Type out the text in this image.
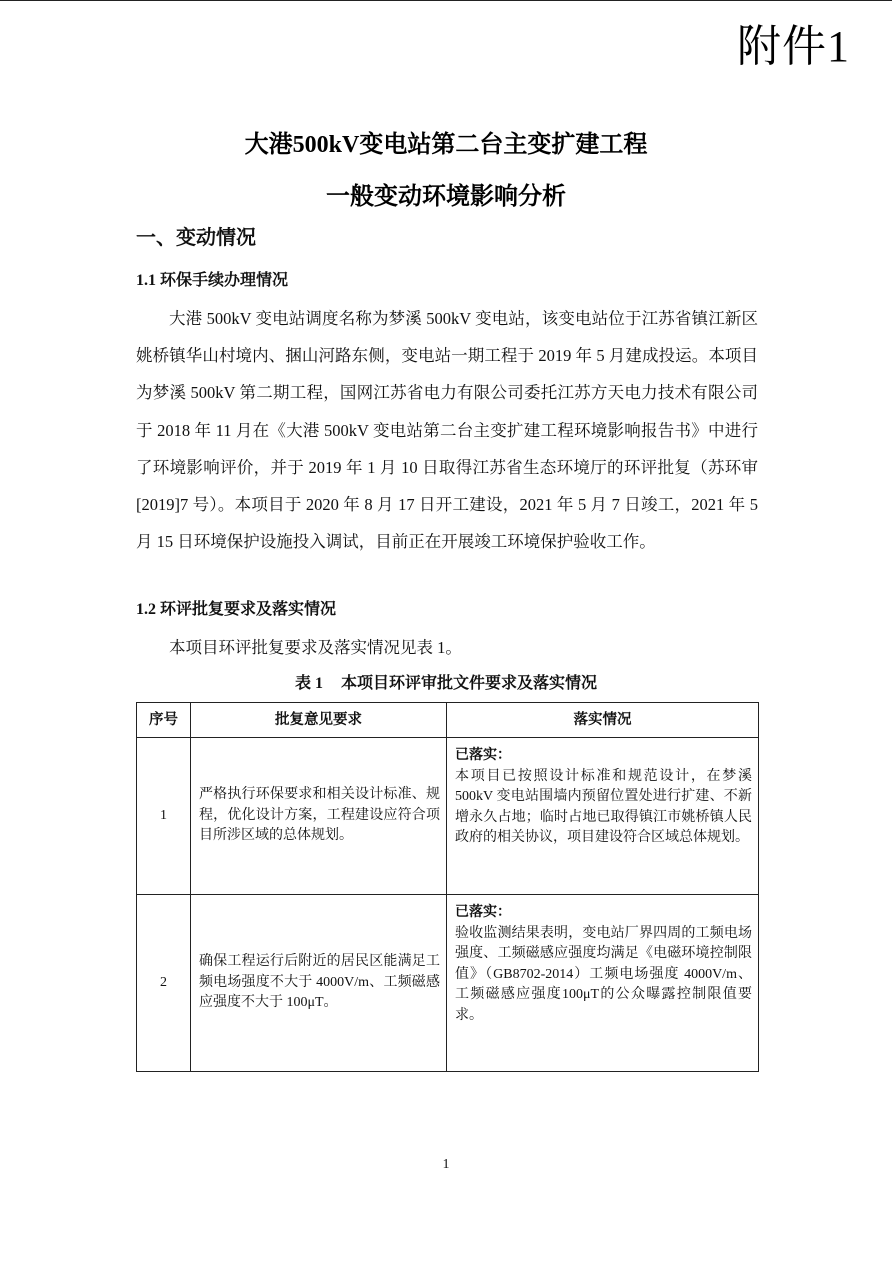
附件1
大港500kV变电站第二台主变扩建工程
一般变动环境影响分析
一、变动情况
1.1 环保手续办理情况
大港 500kV 变电站调度名称为梦溪 500kV 变电站，该变电站位于江苏省镇江新区姚桥镇华山村境内、捆山河路东侧，变电站一期工程于 2019 年 5 月建成投运。本项目为梦溪 500kV 第二期工程，国网江苏省电力有限公司委托江苏方天电力技术有限公司于 2018 年 11 月在《大港 500kV 变电站第二台主变扩建工程环境影响报告书》中进行了环境影响评价，并于 2019 年 1 月 10 日取得江苏省生态环境厅的环评批复（苏环审[2019]7 号）。本项目于 2020 年 8 月 17 日开工建设，2021 年 5 月 7 日竣工，2021 年 5 月 15 日环境保护设施投入调试，目前正在开展竣工环境保护验收工作。
1.2 环评批复要求及落实情况
本项目环评批复要求及落实情况见表 1。
表 1 本项目环评审批文件要求及落实情况
序号	批复意见要求	落实情况
1	严格执行环保要求和相关设计标准、规程，优化设计方案，工程建设应符合项目所涉区域的总体规划。	已落实：
本项目已按照设计标准和规范设计，在梦溪 500kV 变电站围墙内预留位置处进行扩建、不新增永久占地；临时占地已取得镇江市姚桥镇人民政府的相关协议，项目建设符合区域总体规划。

2	确保工程运行后附近的居民区能满足工频电场强度不大于 4000V/m、工频磁感应强度不大于 100μT。	已落实：
验收监测结果表明，变电站厂界四周的工频电场强度、工频磁感应强度均满足《电磁环境控制限值》（GB8702-2014）工频电场强度 4000V/m、工频磁感应强度100μT的公众曝露控制限值要求。
1
